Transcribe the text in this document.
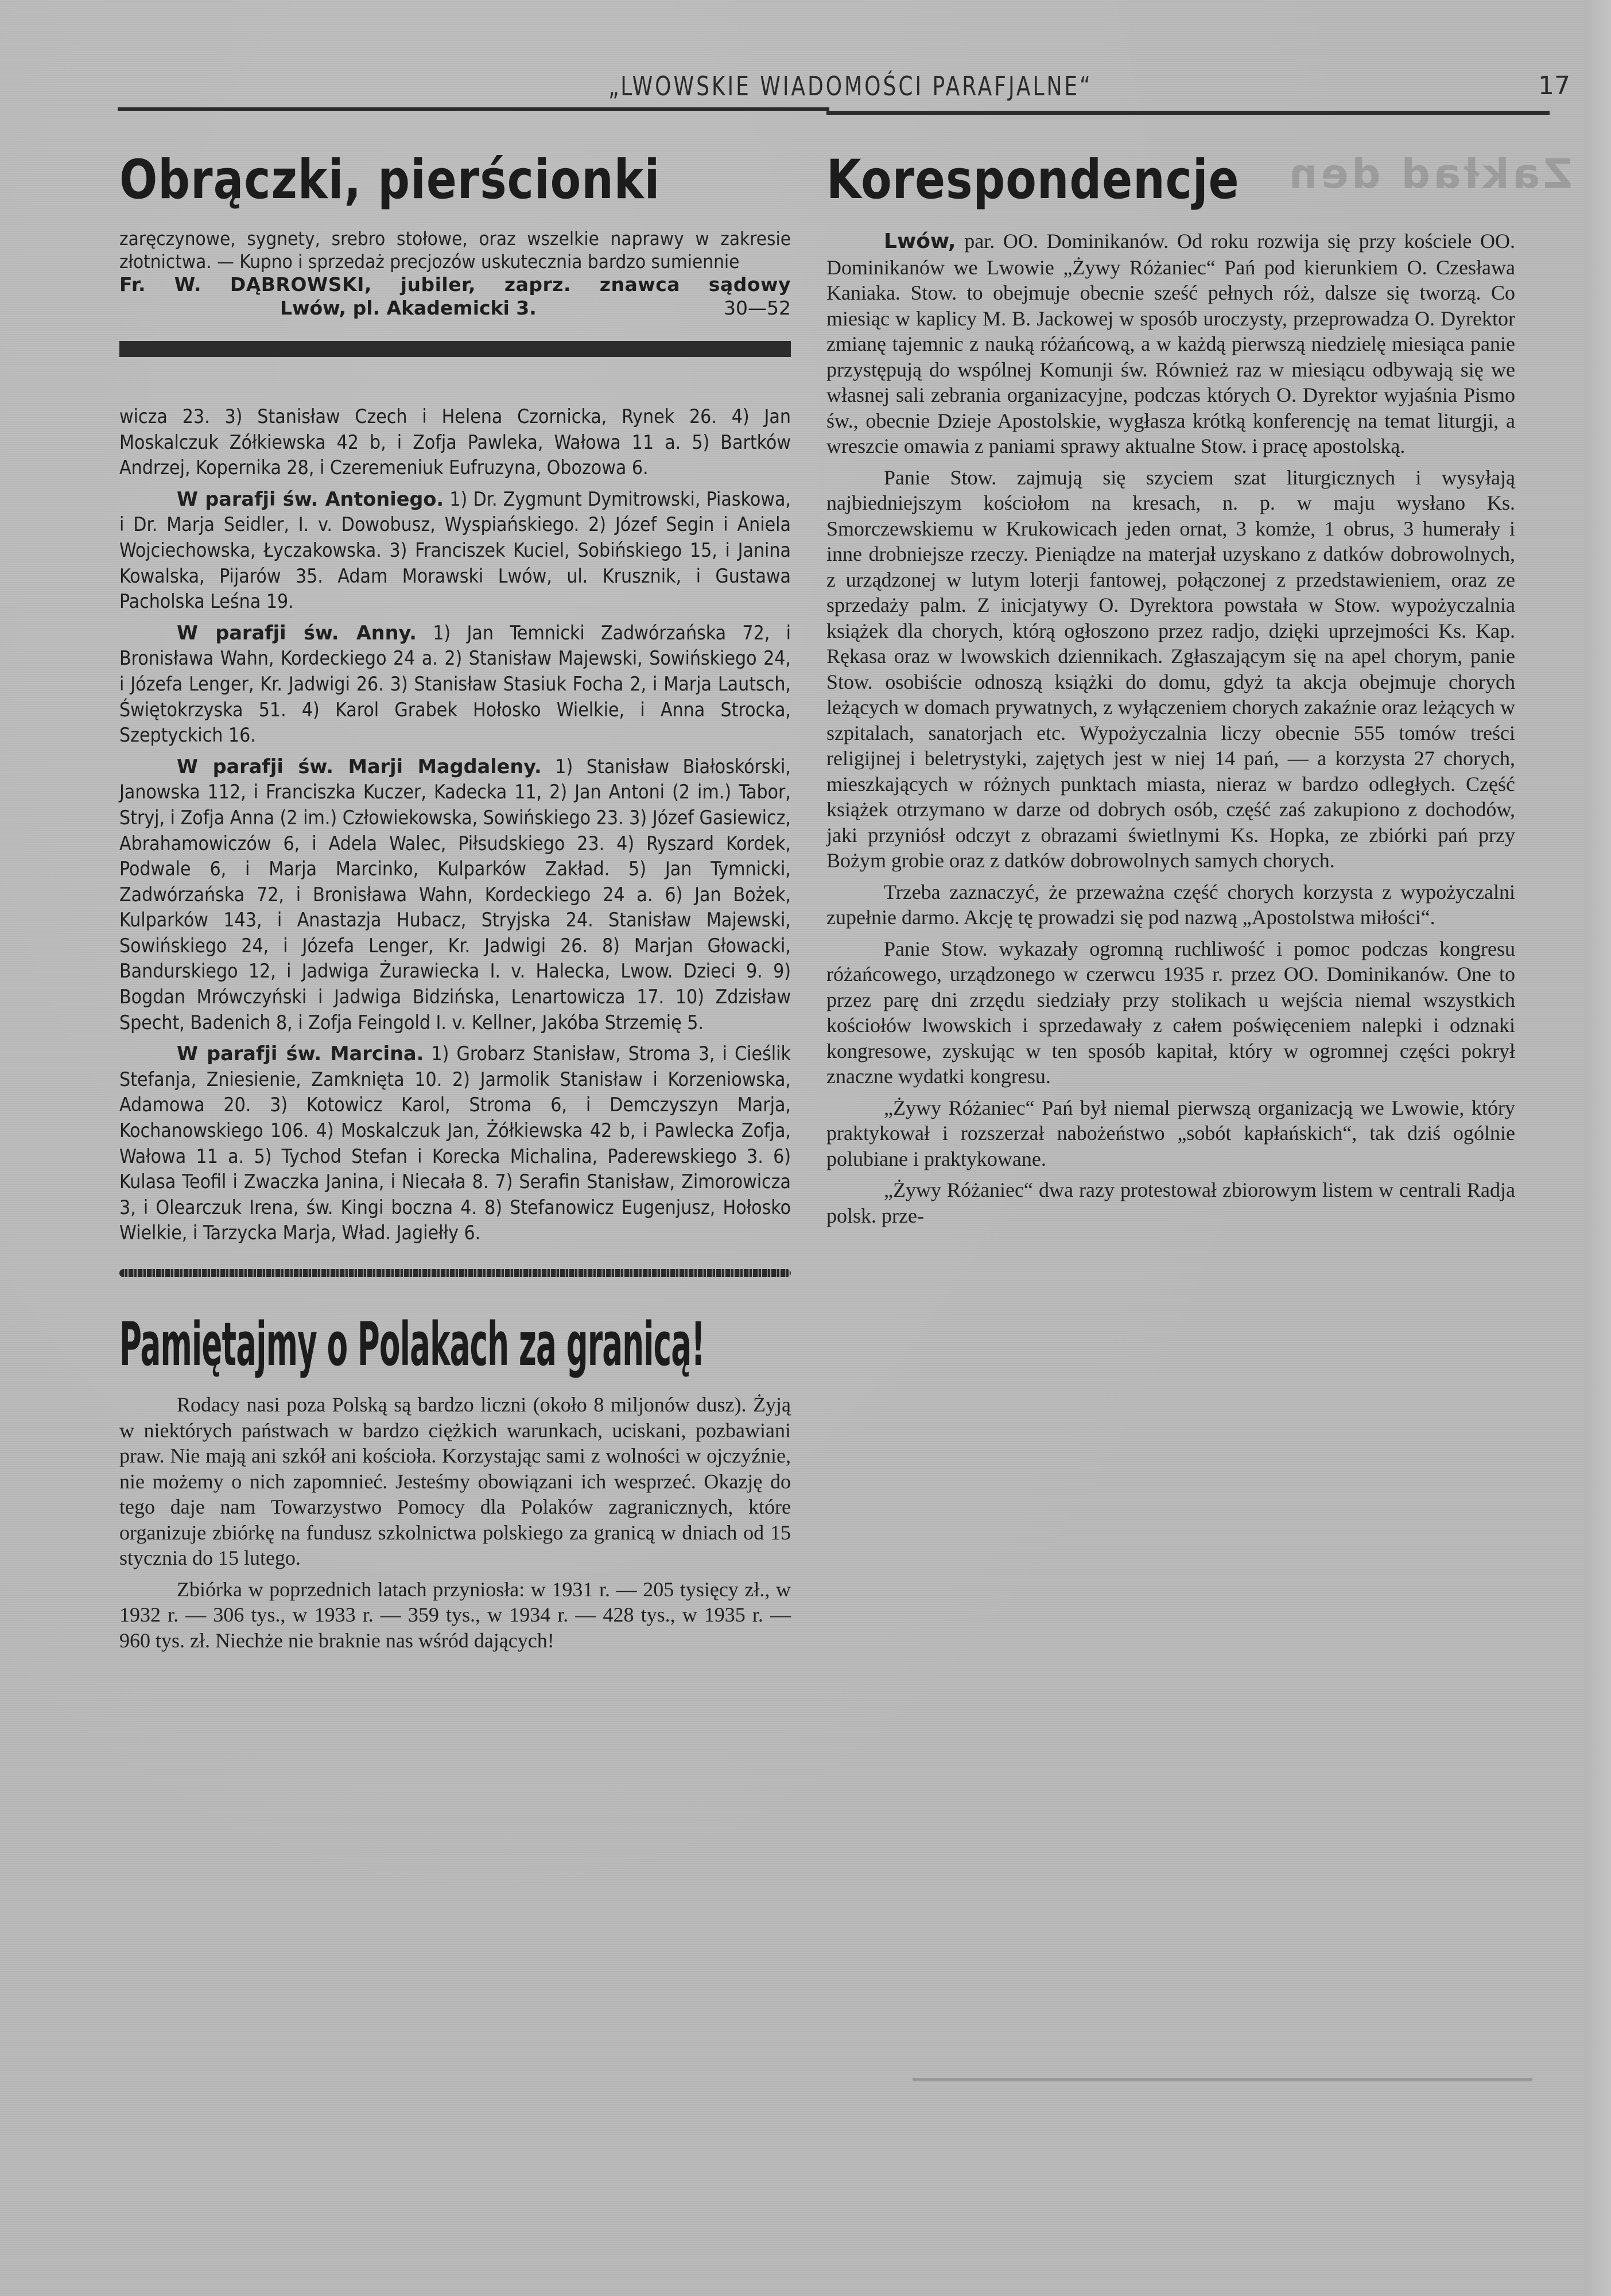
Zakład den
„LWOWSKIE WIADOMOŚCI PARAFJALNE“	17
Obrączki, pierścionki
zaręczynowe, sygnety, srebro stołowe, oraz wszelkie naprawy w zakresie złotnictwa. — Kupno i sprzedaż precjozów uskutecznia bardzo sumiennie
Fr. W. DĄBROWSKI, jubiler, zaprz. znawca sądowy
Lwów, pl. Akademicki 3.	30—52

wicza 23. 3) Stanisław Czech i Helena Czornicka, Rynek 26. 4) Jan Moskalczuk Zółkiewska 42 b, i Zofja Pawleka, Wałowa 11 a. 5) Bartków Andrzej, Kopernika 28, i Czeremeniuk Eufruzyna, Obozowa 6.

W parafji św. Antoniego. 1) Dr. Zygmunt Dymitrowski, Piaskowa, i Dr. Marja Seidler, I. v. Dowobusz, Wyspiańskiego. 2) Józef Segin i Aniela Wojciechowska, Łyczakowska. 3) Franciszek Kuciel, Sobińskiego 15, i Janina Kowalska, Pijarów 35. Adam Morawski Lwów, ul. Krusznik, i Gustawa Pacholska Leśna 19.

W parafji św. Anny. 1) Jan Temnicki Zadwórzańska 72, i Bronisława Wahn, Kordeckiego 24 a. 2) Stanisław Majewski, Sowińskiego 24, i Józefa Lenger, Kr. Jadwigi 26. 3) Stanisław Stasiuk Focha 2, i Marja Lautsch, Świętokrzyska 51. 4) Karol Grabek Hołosko Wielkie, i Anna Strocka, Szeptyckich 16.

W parafji św. Marji Magdaleny. 1) Stanisław Białoskórski, Janowska 112, i Franciszka Kuczer, Kadecka 11, 2) Jan Antoni (2 im.) Tabor, Stryj, i Zofja Anna (2 im.) Człowiekowska, Sowińskiego 23. 3) Józef Gasiewicz, Abrahamowiczów 6, i Adela Walec, Piłsudskiego 23. 4) Ryszard Kordek, Podwale 6, i Marja Marcinko, Kulparków Zakład. 5) Jan Tymnicki, Zadwórzańska 72, i Bronisława Wahn, Kordeckiego 24 a. 6) Jan Bożek, Kulparków 143, i Anastazja Hubacz, Stryjska 24. Stanisław Majewski, Sowińskiego 24, i Józefa Lenger, Kr. Jadwigi 26. 8) Marjan Głowacki, Bandurskiego 12, i Jadwiga Żurawiecka I. v. Halecka, Lwow. Dzieci 9. 9) Bogdan Mrówczyński i Jadwiga Bidzińska, Lenartowicza 17. 10) Zdzisław Specht, Badenich 8, i Zofja Feingold I. v. Kellner, Jakóba Strzemię 5.

W parafji św. Marcina. 1) Grobarz Stanisław, Stroma 3, i Cieślik Stefanja, Zniesienie, Zamknięta 10. 2) Jarmolik Stanisław i Korzeniowska, Adamowa 20. 3) Kotowicz Karol, Stroma 6, i Demczyszyn Marja, Kochanowskiego 106. 4) Moskalczuk Jan, Żółkiewska 42 b, i Pawlecka Zofja, Wałowa 11 a. 5) Tychod Stefan i Korecka Michalina, Paderewskiego 3. 6) Kulasa Teofil i Zwaczka Janina, i Niecała 8. 7) Serafin Stanisław, Zimorowicza 3, i Olearczuk Irena, św. Kingi boczna 4. 8) Stefanowicz Eugenjusz, Hołosko Wielkie, i Tarzycka Marja, Wład. Jagiełły 6.

Pamiętajmy o Polakach za granicą!

Rodacy nasi poza Polską są bardzo liczni (około 8 miljonów dusz). Żyją w niektórych państwach w bardzo ciężkich warunkach, uciskani, pozbawiani praw. Nie mają ani szkół ani kościoła. Korzystając sami z wolności w ojczyźnie, nie możemy o nich zapomnieć. Jesteśmy obowiązani ich wesprzeć. Okazję do tego daje nam Towarzystwo Pomocy dla Polaków zagranicznych, które organizuje zbiórkę na fundusz szkolnictwa polskiego za granicą w dniach od 15 stycznia do 15 lutego.

Zbiórka w poprzednich latach przyniosła: w 1931 r. — 205 tysięcy zł., w 1932 r. — 306 tys., w 1933 r. — 359 tys., w 1934 r. — 428 tys., w 1935 r. — 960 tys. zł. Niechże nie braknie nas wśród dających!

Korespondencje

Lwów, par. OO. Dominikanów. Od roku rozwija się przy kościele OO. Dominikanów we Lwowie „Żywy Różaniec“ Pań pod kierunkiem O. Czesława Kaniaka. Stow. to obejmuje obecnie sześć pełnych róż, dalsze się tworzą. Co miesiąc w kaplicy M. B. Jackowej w sposób uroczysty, przeprowadza O. Dyrektor zmianę tajemnic z nauką różańcową, a w każdą pierwszą niedzielę miesiąca panie przystępują do wspólnej Komunji św. Również raz w miesiącu odbywają się we własnej sali zebrania organizacyjne, podczas których O. Dyrektor wyjaśnia Pismo św., obecnie Dzieje Apostolskie, wygłasza krótką konferencję na temat liturgji, a wreszcie omawia z paniami sprawy aktualne Stow. i pracę apostolską.

Panie Stow. zajmują się szyciem szat liturgicznych i wysyłają najbiedniejszym kościołom na kresach, n. p. w maju wysłano Ks. Smorczewskiemu w Krukowicach jeden ornat, 3 komże, 1 obrus, 3 humerały i inne drobniejsze rzeczy. Pieniądze na materjał uzyskano z datków dobrowolnych, z urządzonej w lutym loterji fantowej, połączonej z przedstawieniem, oraz ze sprzedaży palm. Z inicjatywy O. Dyrektora powstała w Stow. wypożyczalnia książek dla chorych, którą ogłoszono przez radjo, dzięki uprzejmości Ks. Kap. Rękasa oraz w lwowskich dziennikach. Zgłaszającym się na apel chorym, panie Stow. osobiście odnoszą książki do domu, gdyż ta akcja obejmuje chorych leżących w domach prywatnych, z wyłączeniem chorych zakaźnie oraz leżących w szpitalach, sanatorjach etc. Wypożyczalnia liczy obecnie 555 tomów treści religijnej i beletrystyki, zajętych jest w niej 14 pań, — a korzysta 27 chorych, mieszkających w różnych punktach miasta, nieraz w bardzo odległych. Część książek otrzymano w darze od dobrych osób, część zaś zakupiono z dochodów, jaki przyniósł odczyt z obrazami świetlnymi Ks. Hopka, ze zbiórki pań przy Bożym grobie oraz z datków dobrowolnych samych chorych.

Trzeba zaznaczyć, że przeważna część chorych korzysta z wypożyczalni zupełnie darmo. Akcję tę prowadzi się pod nazwą „Apostolstwa miłości“.

Panie Stow. wykazały ogromną ruchliwość i pomoc podczas kongresu różańcowego, urządzonego w czerwcu 1935 r. przez OO. Dominikanów. One to przez parę dni zrzędu siedziały przy stolikach u wejścia niemal wszystkich kościołów lwowskich i sprzedawały z całem poświęceniem nalepki i odznaki kongresowe, zyskując w ten sposób kapitał, który w ogromnej części pokrył znaczne wydatki kongresu.

„Żywy Różaniec“ Pań był niemal pierwszą organizacją we Lwowie, który praktykował i rozszerzał nabożeństwo „sobót kapłańskich“, tak dziś ogólnie polubiane i praktykowane.

„Żywy Różaniec“ dwa razy protestował zbiorowym listem w centrali Radja polsk. prze-
